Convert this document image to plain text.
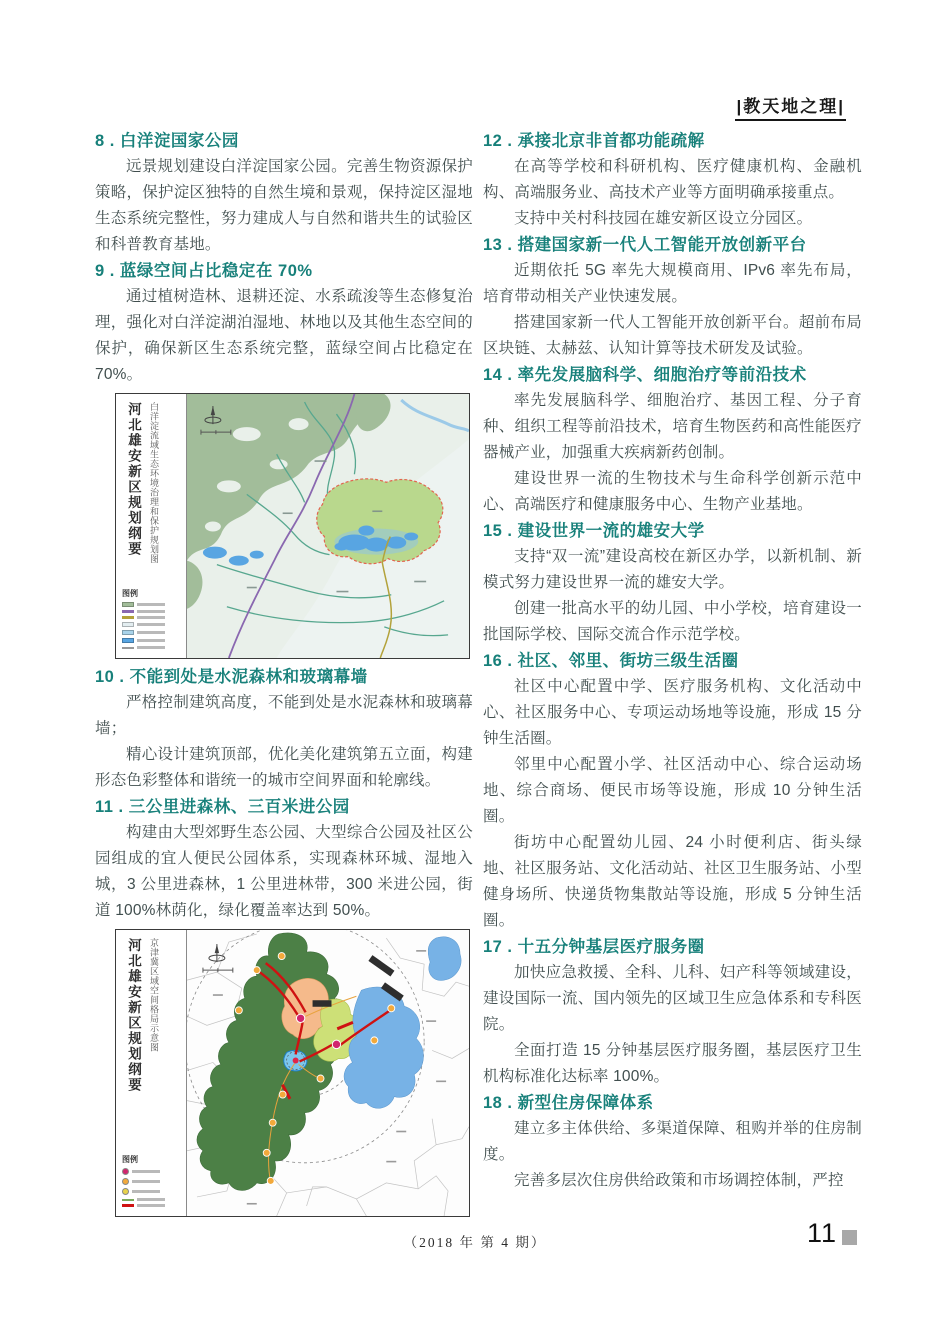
|教天地之理|
8 . 白洋淀国家公园

远景规划建设白洋淀国家公园。完善生物资源保护策略，保护淀区独特的自然生境和景观，保持淀区湿地生态系统完整性，努力建成人与自然和谐共生的试验区和科普教育基地。

9 . 蓝绿空间占比稳定在 70%

通过植树造林、退耕还淀、水系疏浚等生态修复治理，强化对白洋淀湖泊湿地、林地以及其他生态空间的保护，确保新区生态系统完整，蓝绿空间占比稳定在 70%。

河北雄安新区规划纲要 白洋淀流域生态环境治理和保护规划图
图例
10 . 不能到处是水泥森林和玻璃幕墙

严格控制建筑高度，不能到处是水泥森林和玻璃幕墙；

精心设计建筑顶部，优化美化建筑第五立面，构建形态色彩整体和谐统一的城市空间界面和轮廓线。

11 . 三公里进森林、三百米进公园

构建由大型郊野生态公园、大型综合公园及社区公园组成的宜人便民公园体系，实现森林环城、湿地入城，3 公里进森林，1 公里进林带，300 米进公园，街道 100%林荫化，绿化覆盖率达到 50%。

河北雄安新区规划纲要 京津冀区域空间格局示意图
图例
12 . 承接北京非首都功能疏解

在高等学校和科研机构、医疗健康机构、金融机构、高端服务业、高技术产业等方面明确承接重点。

支持中关村科技园在雄安新区设立分园区。

13 . 搭建国家新一代人工智能开放创新平台

近期依托 5G 率先大规模商用、IPv6 率先布局，培育带动相关产业快速发展。

搭建国家新一代人工智能开放创新平台。超前布局区块链、太赫兹、认知计算等技术研发及试验。

14 . 率先发展脑科学、细胞治疗等前沿技术

率先发展脑科学、细胞治疗、基因工程、分子育种、组织工程等前沿技术，培育生物医药和高性能医疗器械产业，加强重大疾病新药创制。

建设世界一流的生物技术与生命科学创新示范中心、高端医疗和健康服务中心、生物产业基地。

15 . 建设世界一流的雄安大学

支持“双一流”建设高校在新区办学，以新机制、新模式努力建设世界一流的雄安大学。

创建一批高水平的幼儿园、中小学校，培育建设一批国际学校、国际交流合作示范学校。

16 . 社区、邻里、街坊三级生活圈

社区中心配置中学、医疗服务机构、文化活动中心、社区服务中心、专项运动场地等设施，形成 15 分钟生活圈。

邻里中心配置小学、社区活动中心、综合运动场地、综合商场、便民市场等设施，形成 10 分钟生活圈。

街坊中心配置幼儿园、24 小时便利店、街头绿地、社区服务站、文化活动站、社区卫生服务站、小型健身场所、快递货物集散站等设施，形成 5 分钟生活圈。

17 . 十五分钟基层医疗服务圈

加快应急救援、全科、儿科、妇产科等领域建设，建设国际一流、国内领先的区域卫生应急体系和专科医院。

全面打造 15 分钟基层医疗服务圈，基层医疗卫生机构标准化达标率 100%。

18 . 新型住房保障体系

建立多主体供给、多渠道保障、租购并举的住房制度。

完善多层次住房供给政策和市场调控体制，严控

（2018 年 第 4 期）	11
